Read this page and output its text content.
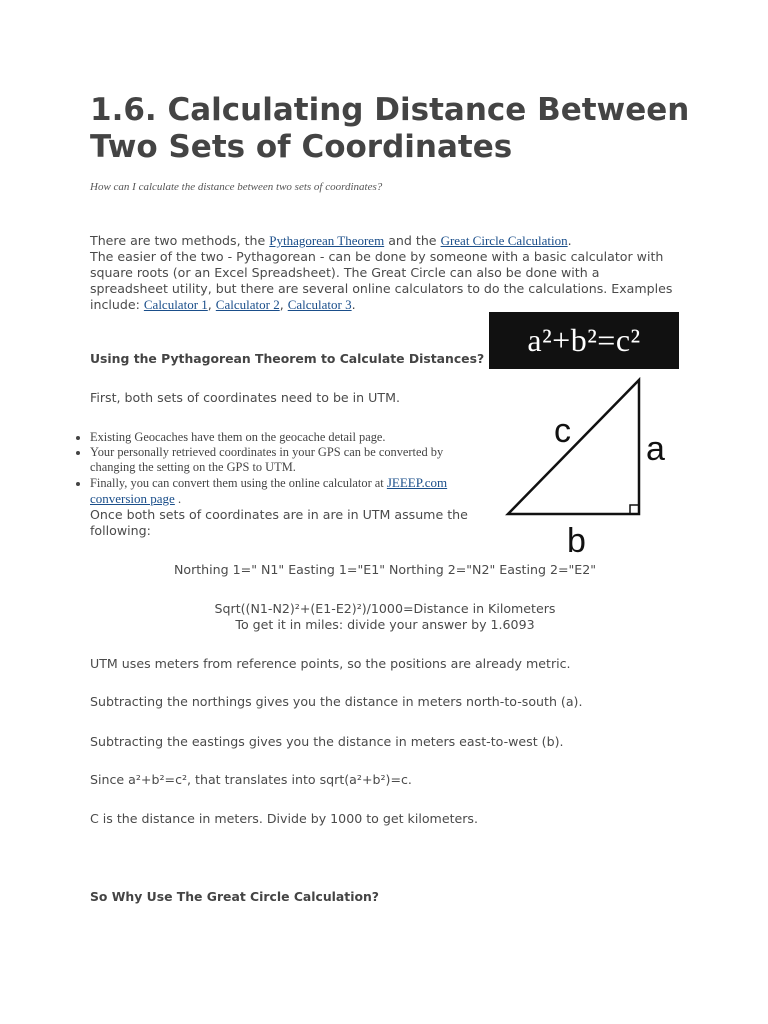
1.6. Calculating Distance Between Two Sets of Coordinates
How can I calculate the distance between two sets of coordinates?
There are two methods, the Pythagorean Theorem and the Great Circle Calculation.
The easier of the two - Pythagorean - can be done by someone with a basic calculator with square roots (or an Excel Spreadsheet). The Great Circle can also be done with a spreadsheet utility, but there are several online calculators to do the calculations. Examples include: Calculator 1, Calculator 2, Calculator 3.
a²+b²=c²
c a
b
Using the Pythagorean Theorem to Calculate Distances?
First, both sets of coordinates need to be in UTM.
• Existing Geocaches have them on the geocache detail page.
• Your personally retrieved coordinates in your GPS can be converted by changing the setting on the GPS to UTM.
• Finally, you can convert them using the online calculator at JEEEP.com conversion page .
Once both sets of coordinates are in are in UTM assume the following:
Northing 1=" N1" Easting 1="E1" Northing 2="N2" Easting 2="E2"
Sqrt((N1-N2)²+(E1-E2)²)/1000=Distance in Kilometers
To get it in miles: divide your answer by 1.6093
UTM uses meters from reference points, so the positions are already metric.
Subtracting the northings gives you the distance in meters north-to-south (a).
Subtracting the eastings gives you the distance in meters east-to-west (b).
Since a²+b²=c², that translates into sqrt(a²+b²)=c.
C is the distance in meters. Divide by 1000 to get kilometers.
So Why Use The Great Circle Calculation?
